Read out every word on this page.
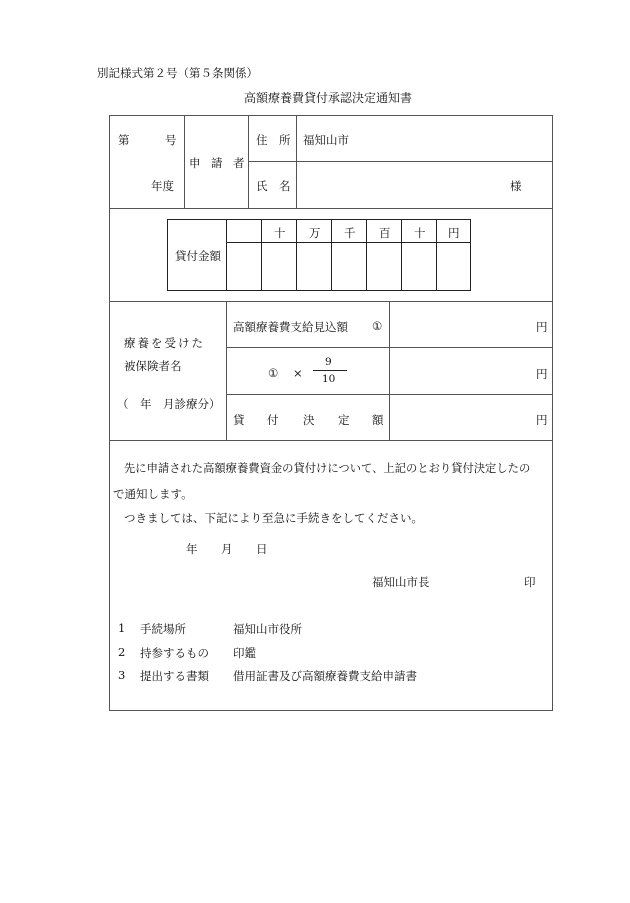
別記様式第２号（第５条関係）
高額療養費貸付承認決定通知書
第	号
年度
申 請 者
住 所 福知山市
氏 名	様
貸付金額
十 万 千 百 十 円
療養を受けた
被保険者名
（　年　月診療分）
高額療養費支給見込額 ①	円
① ×
9
10	円
貸 付 決 定 額	円
先に申請された高額療養費資金の貸付けについて、上記のとおり貸付決定したの
で通知します。
つきましては、下記により至急に手続きをしてください。
年 月 日
福知山市長	印
1 手続場所	福知山市役所
2 持参するもの 印鑑
3 提出する書類 借用証書及び高額療養費支給申請書
